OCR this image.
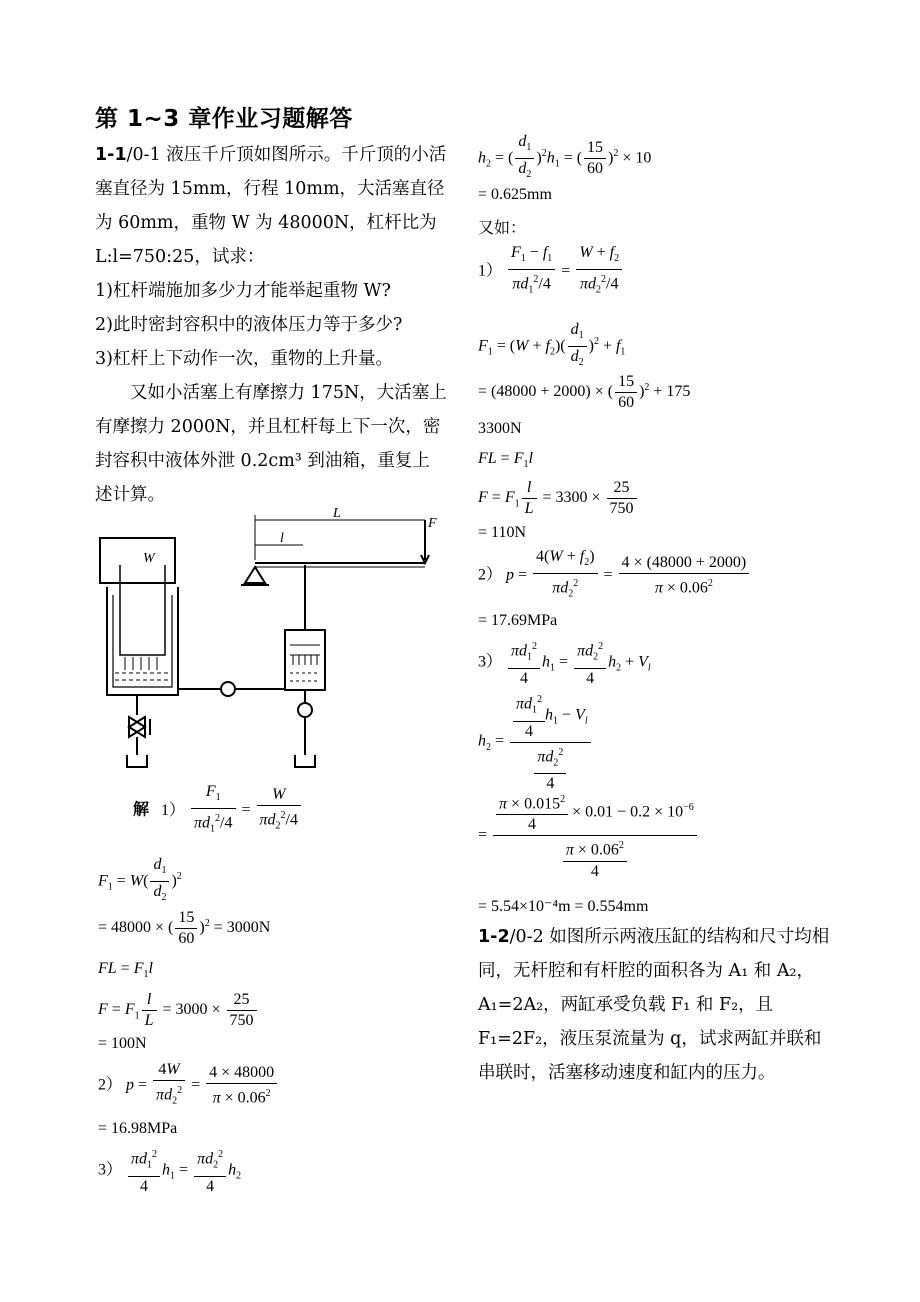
第 1~3 章作业习题解答

1-1/0-1 液压千斤顶如图所示。千斤顶的小活塞直径为 15mm，行程 10mm，大活塞直径为 60mm，重物 W 为 48000N，杠杆比为 L:l=750:25，试求：

1)杠杆端施加多少力才能举起重物 W?

2)此时密封容积中的液体压力等于多少?

3)杠杆上下动作一次，重物的上升量。

又如小活塞上有摩擦力 175N，大活塞上有摩擦力 2000N，并且杠杆每上下一次，密封容积中液体外泄 0.2cm³ 到油箱，重复上述计算。

W
L
l
F
解 $1) \frac{F_1}{\pi d_1^2/4} = \frac{W}{\pi d_2^2/4}$
$F_1 = W( \frac{d_1}{d_2} )^2$
= 48000 × ( $\frac{15}{60} )^2 = 3000N$
FL = $F_1l$
$F = F_1 \frac{l}{L} = 3000 \times \frac{25}{750}$
= 100N
2） $p = \frac{4W}{\pi d_2^2} = \frac{4 \times 48000}{\pi \times 0.06^2}$
= 16.98MPa
$3) \frac{\pi d_1^2}{4} h_1 = \frac{\pi d_2^2}{4} h_2$
$h_2$ = ( $\frac{d_1}{d_2} )^2h_1$ = ( $\frac{15}{60} )^2 \times 10$
= 0.625mm
又如：
$1) \frac{F_1 - f_1}{\pi d_1^2/4} = \frac{W + f_2}{\pi d_2^2/4}$
$F_1 = (W + f_2)( \frac{d_1}{d_2} )^2 + f_1$
= (48000 + 2000) × ( $\frac{15}{60} )^2 + 175$
3300N
FL = $F_1l$
$F = F_1 \frac{l}{L} = 3300 \times \frac{25}{750}$
= 110N
2） $p = \frac{4(W + f_2)}{\pi d_2^2} = \frac{4 \times (48000 + 2000)}{\pi \times 0.06^2}$
= 17.69MPa
$3) \frac{\pi d_1^2}{4} h_1 = \frac{\pi d_2^2}{4} h_2 + V_l$
$h_2 = \frac{\frac{\pi d_1^2}{4} h_1 - V_l}{\frac{\pi d_2^2}{4}}$
= $\frac{\frac{\pi \times 0.015^2}{4} \times 0.01 - 0.2 \times 10^{-6}}{\frac{\pi \times 0.06^2}{4}}$
= 5.54×10⁻⁴m = 0.554mm

1-2/0-2 如图所示两液压缸的结构和尺寸均相同，无杆腔和有杆腔的面积各为 A₁ 和 A₂，A₁=2A₂，两缸承受负载 F₁ 和 F₂，且 F₁=2F₂，液压泵流量为 q，试求两缸并联和串联时，活塞移动速度和缸内的压力。
